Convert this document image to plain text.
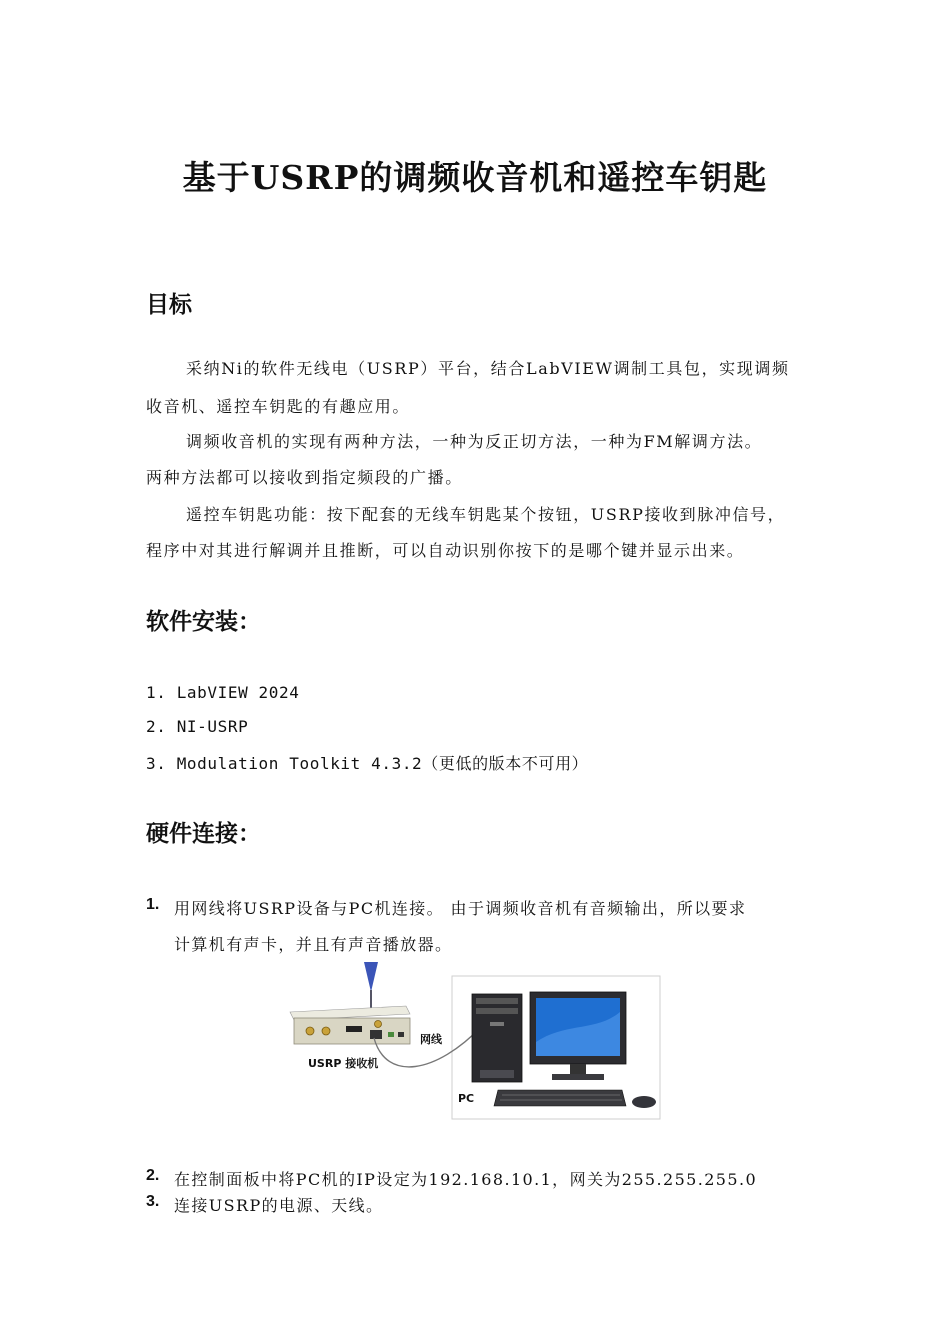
基于USRP的调频收音机和遥控车钥匙
目标
采纳Ni的软件无线电（USRP）平台，结合LabVIEW调制工具包，实现调频
收音机、遥控车钥匙的有趣应用。
调频收音机的实现有两种方法，一种为反正切方法，一种为FM解调方法。
两种方法都可以接收到指定频段的广播。
遥控车钥匙功能：按下配套的无线车钥匙某个按钮，USRP接收到脉冲信号，
程序中对其进行解调并且推断，可以自动识别你按下的是哪个键并显示出来。
软件安装：
1. LabVIEW 2024
2. NI-USRP
3. Modulation Toolkit 4.3.2（更低的版本不可用）
硬件连接：
1. 用网线将USRP设备与PC机连接。 由于调频收音机有音频输出，所以要求
计算机有声卡，并且有声音播放器。
USRP 接收机
网线
PC
2. 在控制面板中将PC机的IP设定为192.168.10.1，网关为255.255.255.0
3. 连接USRP的电源、天线。
